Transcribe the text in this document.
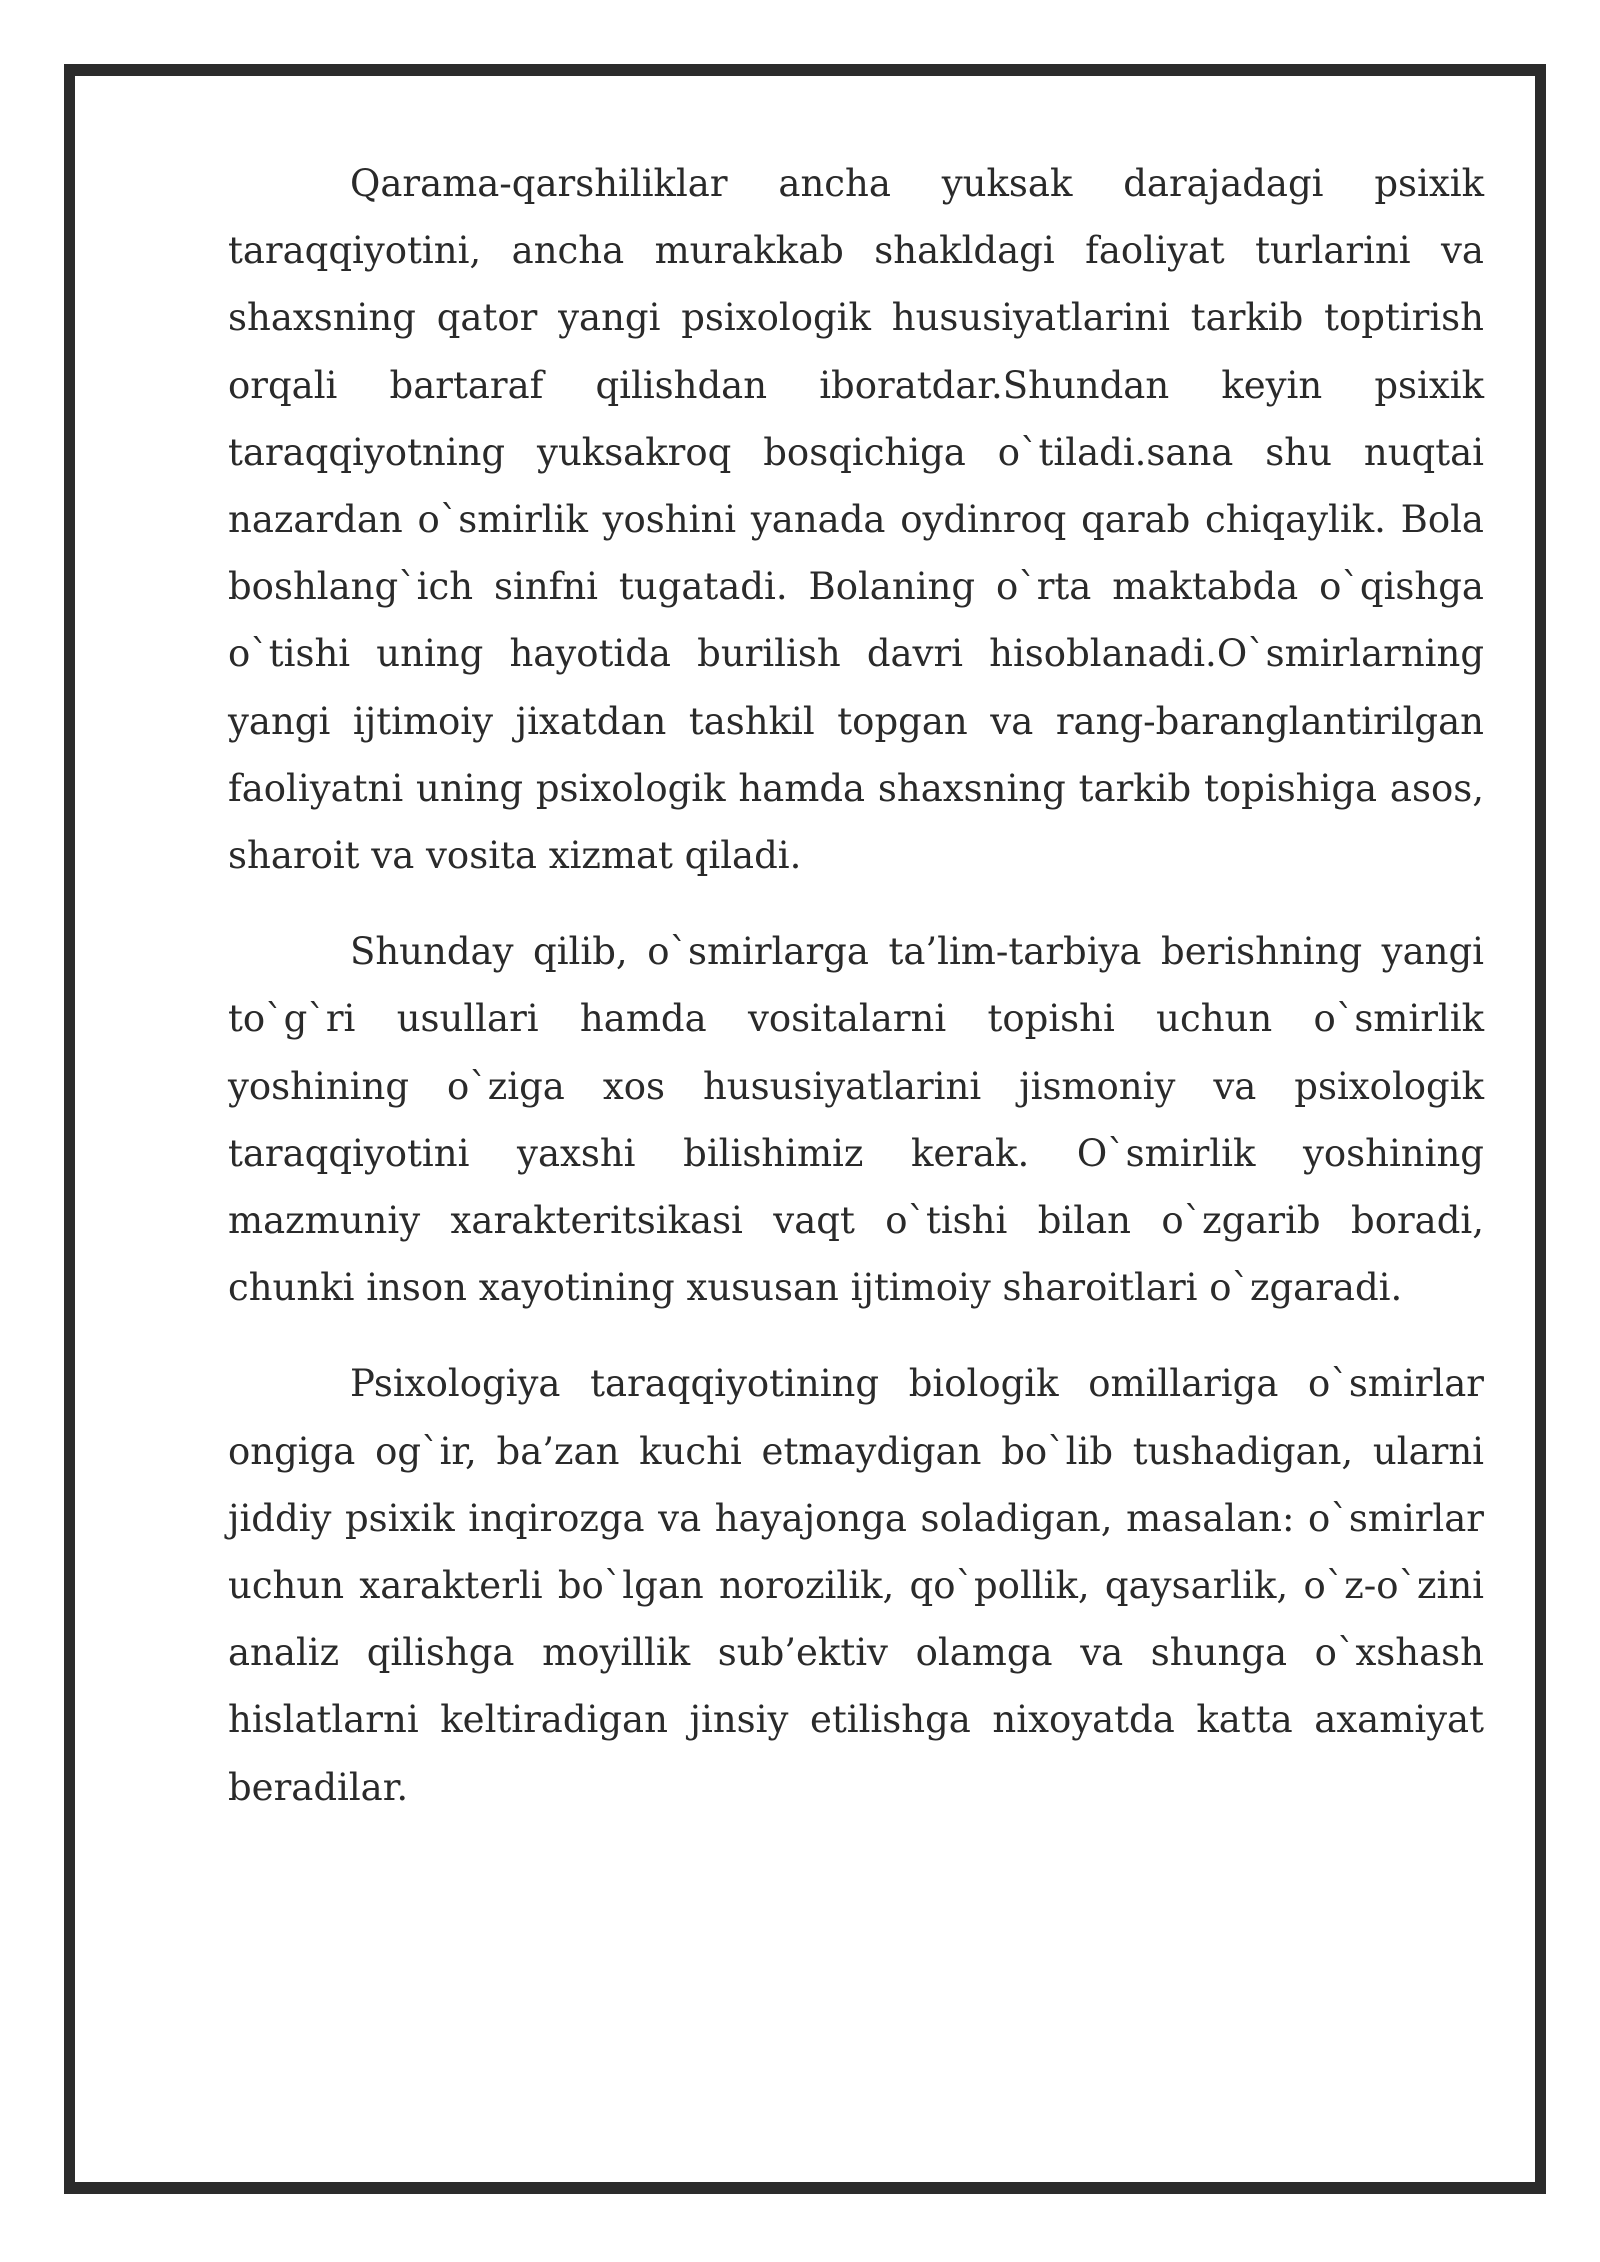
Qarama-qarshiliklar ancha yuksak darajadagi psixik taraqqiyotini, ancha murakkab shakldagi faoliyat turlarini va shaxsning qator yangi psixologik hususiyatlarini tarkib toptirish orqali bartaraf qilishdan iboratdar.Shundan keyin psixik taraqqiyotning yuksakroq bosqichiga o`tiladi.sana shu nuqtai nazardan o`smirlik yoshini yanada oydinroq qarab chiqaylik. Bola boshlang`ich sinfni tugatadi. Bolaning o`rta maktabda o`qishga o`tishi uning hayotida burilish davri hisoblanadi.O`smirlarning yangi ijtimoiy jixatdan tashkil topgan va rang-baranglantirilgan faoliyatni uning psixologik hamda shaxsning tarkib topishiga asos, sharoit va vosita xizmat qiladi.

Shunday qilib, o`smirlarga ta’lim-tarbiya berishning yangi to`g`ri usullari hamda vositalarni topishi uchun o`smirlik yoshining o`ziga xos hususiyatlarini jismoniy va psixologik taraqqiyotini yaxshi bilishimiz kerak. O`smirlik yoshining mazmuniy xarakteritsikasi vaqt o`tishi bilan o`zgarib boradi, chunki inson xayotining xususan ijtimoiy sharoitlari o`zgaradi.

Psixologiya taraqqiyotining biologik omillariga o`smirlar ongiga og`ir, ba’zan kuchi etmaydigan bo`lib tushadigan, ularni jiddiy psixik inqirozga va hayajonga soladigan, masalan: o`smirlar uchun xarakterli bo`lgan norozilik, qo`pollik, qaysarlik, o`z-o`zini analiz qilishga moyillik sub’ektiv olamga va shunga o`xshash hislatlarni keltiradigan jinsiy etilishga nixoyatda katta axamiyat beradilar.
